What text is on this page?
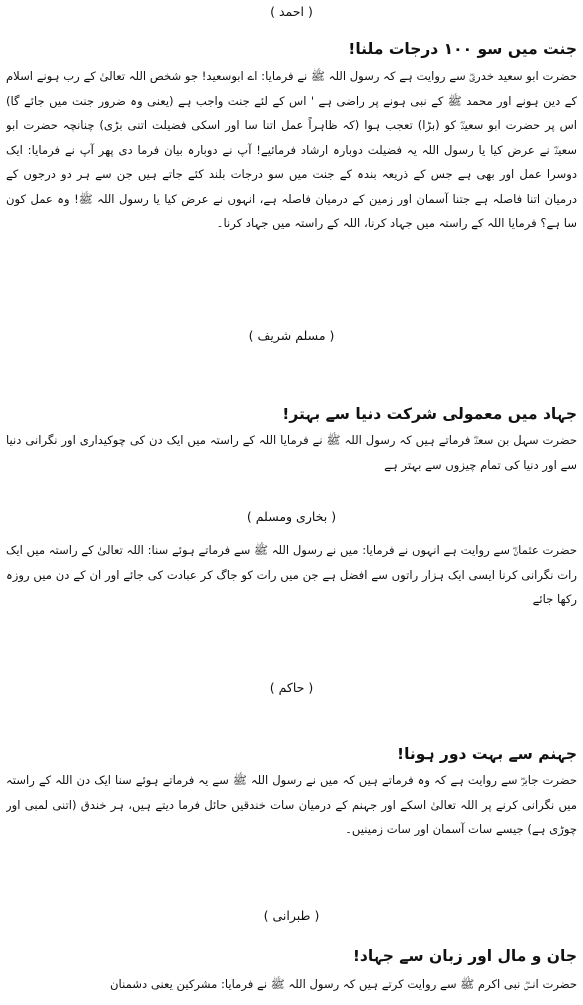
( احمد )
جنت میں سو ۱۰۰ درجات ملنا!
حضرت ابو سعید خدریؓ سے روایت ہے کہ رسول اللہ ﷺ نے فرمایا: اے ابوسعید! جو شخص اللہ تعالیٰ کے رب ہونے اسلام کے دین ہونے اور محمد ﷺ کے نبی ہونے پر راضی ہے ' اس کے لئے جنت واجب ہے (یعنی وہ ضرور جنت میں جائے گا) اس پر حضرت ابو سعیدؓ کو (بڑا) تعجب ہوا (کہ ظاہراً عمل اتنا سا اور اسکی فضیلت اتنی بڑی) چنانچہ حضرت ابو سعیدؓ نے عرض کیا یا رسول اللہ یہ فضیلت دوبارہ ارشاد فرمائیے! آپ نے دوبارہ بیان فرما دی پھر آپ نے فرمایا: ایک دوسرا عمل اور بھی ہے جس کے ذریعہ بندہ کے جنت میں سو درجات بلند کئے جاتے ہیں جن سے ہر دو درجوں کے درمیان اتنا فاصلہ ہے جتنا آسمان اور زمین کے درمیان فاصلہ ہے، انہوں نے عرض کیا یا رسول اللہ ﷺ! وہ عمل کون سا ہے؟ فرمایا اللہ کے راستہ میں جہاد کرنا، اللہ کے راستہ میں جہاد کرنا۔
( مسلم شریف )
جہاد میں معمولی شرکت دنیا سے بہتر!
حضرت سہل بن سعدؓ فرماتے ہیں کہ رسول اللہ ﷺ نے فرمایا اللہ کے راستہ میں ایک دن کی چوکیداری اور نگرانی دنیا سے اور دنیا کی تمام چیزوں سے بہتر ہے
( بخاری ومسلم )
حضرت عثمانؓ سے روایت ہے انہوں نے فرمایا: میں نے رسول اللہ ﷺ سے فرماتے ہوئے سنا: اللہ تعالیٰ کے راستہ میں ایک رات نگرانی کرنا ایسی ایک ہزار راتوں سے افضل ہے جن میں رات کو جاگ کر عبادت کی جائے اور ان کے دن میں روزہ رکھا جائے
( حاکم )
جہنم سے بہت دور ہونا!
حضرت جابرؓ سے روایت ہے کہ وہ فرماتے ہیں کہ میں نے رسول اللہ ﷺ سے یہ فرماتے ہوئے سنا ایک دن اللہ کے راستہ میں نگرانی کرنے پر اللہ تعالیٰ اسکے اور جہنم کے درمیان سات خندقیں حائل فرما دیتے ہیں، ہر خندق (اتنی لمبی اور چوڑی ہے) جیسے سات آسمان اور سات زمینیں۔
( طبرانی )
جان و مال اور زبان سے جہاد!
حضرت انسؓ نبی اکرم ﷺ سے روایت کرتے ہیں کہ رسول اللہ ﷺ نے فرمایا: مشرکین یعنی دشمنان
